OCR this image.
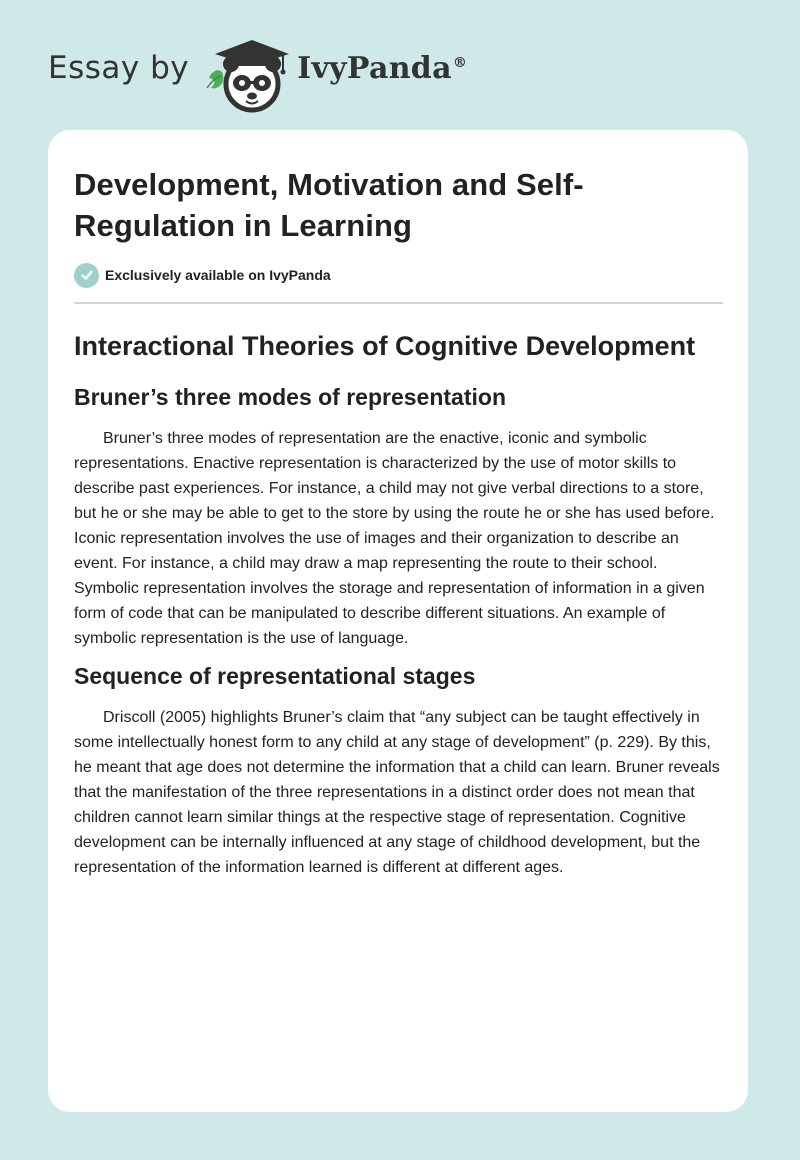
Essay by	IvyPanda®
Development, Motivation and Self-Regulation in Learning
Exclusively available on IvyPanda
Interactional Theories of Cognitive Development
Bruner’s three modes of representation

Bruner’s three modes of representation are the enactive, iconic and symbolic representations. Enactive representation is characterized by the use of motor skills to describe past experiences. For instance, a child may not give verbal directions to a store, but he or she may be able to get to the store by using the route he or she has used before. Iconic representation involves the use of images and their organization to describe an event. For instance, a child may draw a map representing the route to their school. Symbolic representation involves the storage and representation of information in a given form of code that can be manipulated to describe different situations. An example of symbolic representation is the use of language.

Sequence of representational stages

Driscoll (2005) highlights Bruner’s claim that “any subject can be taught effectively in some intellectually honest form to any child at any stage of development” (p. 229). By this, he meant that age does not determine the information that a child can learn. Bruner reveals that the manifestation of the three representations in a distinct order does not mean that children cannot learn similar things at the respective stage of representation. Cognitive development can be internally influenced at any stage of childhood development, but the representation of the information learned is different at different ages.
